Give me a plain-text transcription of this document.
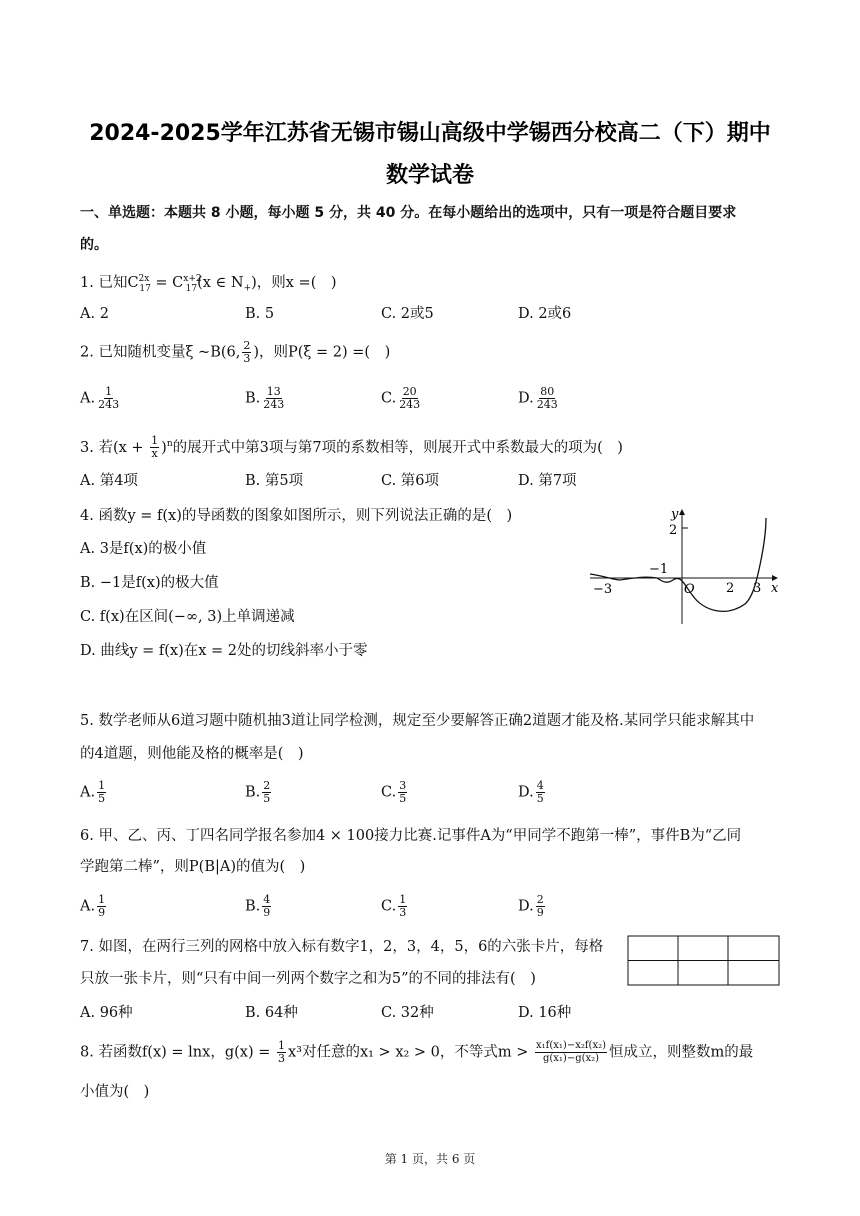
2024-2025学年江苏省无锡市锡山高级中学锡西分校高二（下）期中
数学试卷
一、单选题：本题共 8 小题，每小题 5 分，共 40 分。在每小题给出的选项中，只有一项是符合题目要求
的。
1. 已知$C^{2x}_{17} = C^{x+2}_{17}(x$ ∈ $N_+$)，则x =(　)
A. 2	B. 5	C. 2或5	D. 2或6
2. 已知随机变量ξ ~B(6, $\frac{2}{3}$ )，则P(ξ = 2) =(　)
A. $\frac{1}{243}$	B. $\frac{13}{243}$	C. $\frac{20}{243}$	D. $\frac{80}{243}$
3. 若$(x + \frac{1}{x} )^n$的展开式中第3项与第7项的系数相等，则展开式中系数最大的项为(　)
A. 第4项	B. 第5项	C. 第6项	D. 第7项
4. 函数y = f(x)的导函数的图象如图所示，则下列说法正确的是(　)
A. 3是f(x)的极小值
B. −1是f(x)的极大值
C. f(x)在区间(−∞, 3)上单调递减
D. 曲线y = f(x)在x = 2处的切线斜率小于零
y
x
O
2
−1
−3	2 3
5. 数学老师从6道习题中随机抽3道让同学检测，规定至少要解答正确2道题才能及格.某同学只能求解其中
的4道题，则他能及格的概率是(　)
A. $\frac{1}{5}$	B. $\frac{2}{5}$	C. $\frac{3}{5}$	D. $\frac{4}{5}$
6. 甲、乙、丙、丁四名同学报名参加4 × 100接力比赛.记事件A为“甲同学不跑第一棒”，事件B为“乙同
学跑第二棒”，则P(B|A)的值为(　)
A. $\frac{1}{9}$	B. $\frac{4}{9}$	C. $\frac{1}{3}$	D. $\frac{2}{9}$
7. 如图，在两行三列的网格中放入标有数字1，2，3，4，5，6的六张卡片，每格
只放一张卡片，则“只有中间一列两个数字之和为5”的不同的排法有(　)
A. 96种	B. 64种	C. 32种	D. 16种
8. 若函数f(x) = lnx，$g(x) = \frac{1}{3} x^3$对任意的x₁ > x₂ > 0，不等式$m > \frac{\text{x₁f(x₁)−x₂f(x₂)}}{\text{g(x₁)−g(x₂)}}$ 恒成立，则整数m的最
小值为(　)
第 1 页，共 6 页
